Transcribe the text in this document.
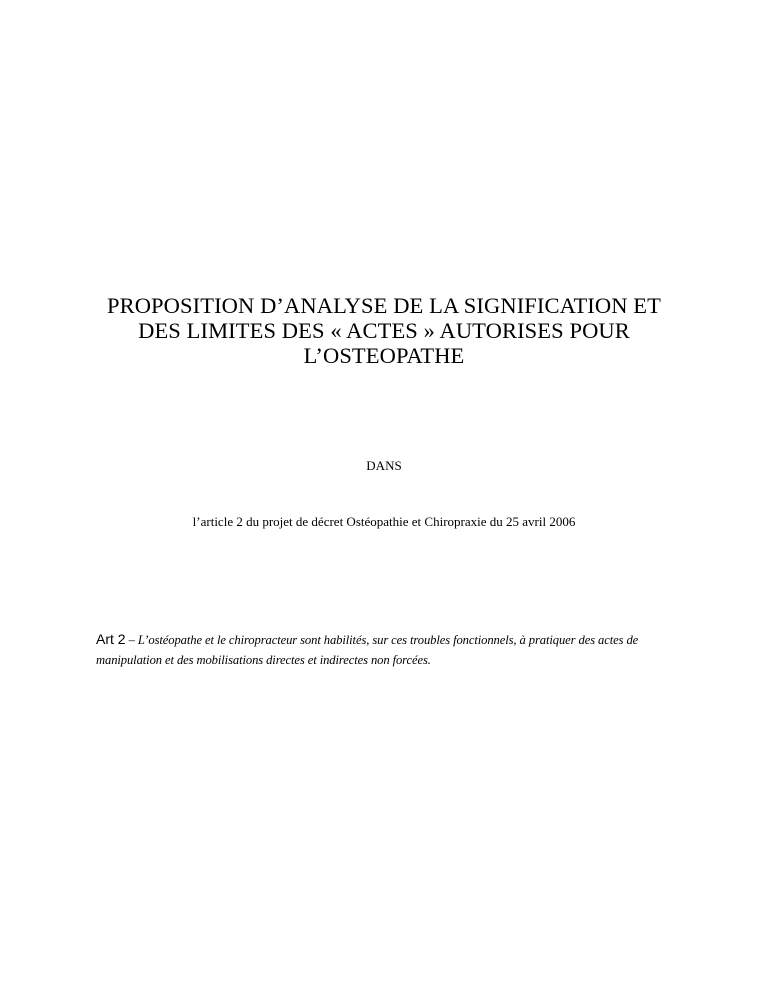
PROPOSITION D’ANALYSE DE LA SIGNIFICATION ET
DES LIMITES DES « ACTES » AUTORISES POUR
L’OSTEOPATHE
DANS
l’article 2 du projet de décret Ostéopathie et Chiropraxie du 25 avril 2006
Art 2 – L’ostéopathe et le chiropracteur sont habilités, sur ces troubles fonctionnels, à pratiquer des actes de manipulation et des mobilisations directes et indirectes non forcées.
